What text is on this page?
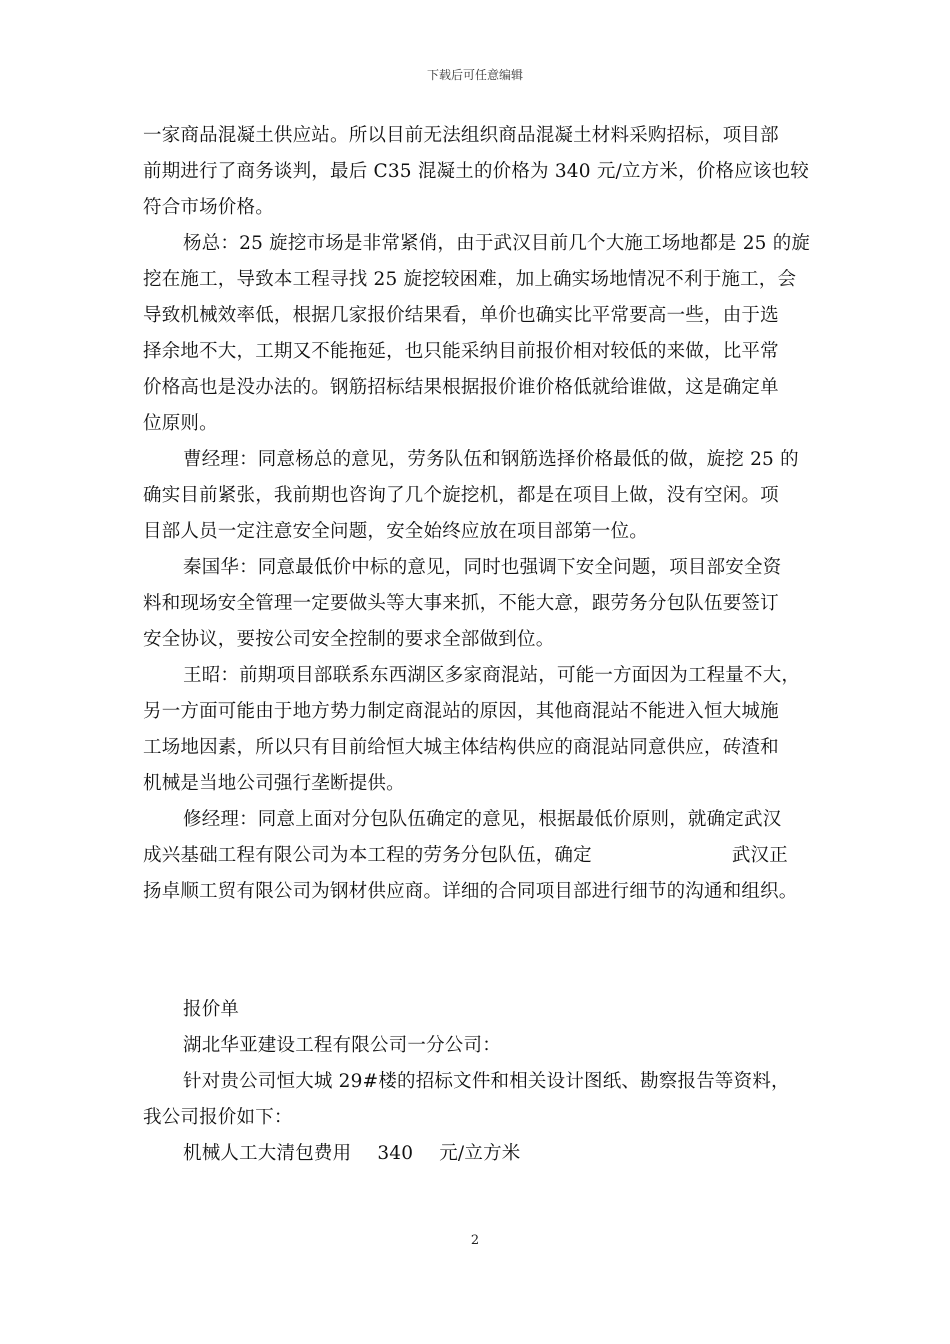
下载后可任意编辑
一家商品混凝土供应站。所以目前无法组织商品混凝土材料采购招标，项目部
前期进行了商务谈判，最后 C35 混凝土的价格为 340 元/立方米，价格应该也较
符合市场价格。
杨总：25 旋挖市场是非常紧俏，由于武汉目前几个大施工场地都是 25 的旋
挖在施工，导致本工程寻找 25 旋挖较困难，加上确实场地情况不利于施工，会
导致机械效率低，根据几家报价结果看，单价也确实比平常要高一些，由于选
择余地不大，工期又不能拖延，也只能采纳目前报价相对较低的来做，比平常
价格高也是没办法的。钢筋招标结果根据报价谁价格低就给谁做，这是确定单
位原则。
曹经理：同意杨总的意见，劳务队伍和钢筋选择价格最低的做，旋挖 25 的
确实目前紧张，我前期也咨询了几个旋挖机，都是在项目上做，没有空闲。项
目部人员一定注意安全问题，安全始终应放在项目部第一位。
秦国华：同意最低价中标的意见，同时也强调下安全问题，项目部安全资
料和现场安全管理一定要做头等大事来抓，不能大意，跟劳务分包队伍要签订
安全协议，要按公司安全控制的要求全部做到位。
王昭：前期项目部联系东西湖区多家商混站，可能一方面因为工程量不大，
另一方面可能由于地方势力制定商混站的原因，其他商混站不能进入恒大城施
工场地因素，所以只有目前给恒大城主体结构供应的商混站同意供应，砖渣和
机械是当地公司强行垄断提供。
修经理：同意上面对分包队伍确定的意见，根据最低价原则，就确定武汉
成兴基础工程有限公司为本工程的劳务分包队伍，确定	武汉正
扬卓顺工贸有限公司为钢材供应商。详细的合同项目部进行细节的沟通和组织。
报价单
湖北华亚建设工程有限公司一分公司：
针对贵公司恒大城 29#楼的招标文件和相关设计图纸、勘察报告等资料，
我公司报价如下：
机械人工大清包费用 340 元/立方米
2
